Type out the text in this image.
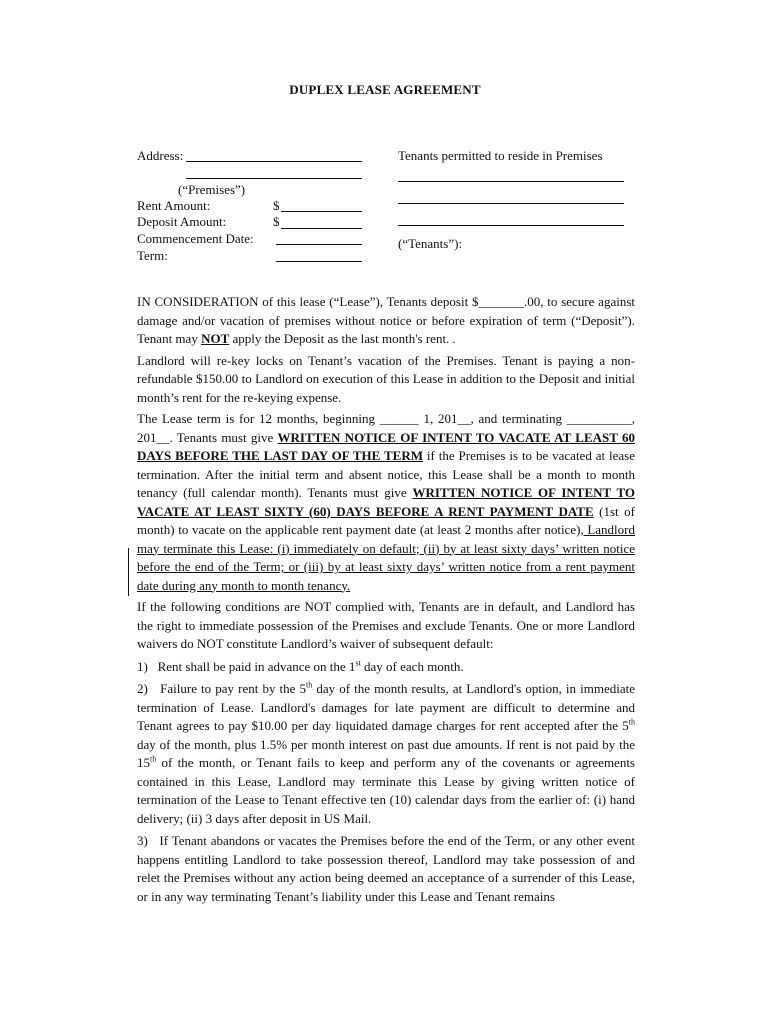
DUPLEX LEASE AGREEMENT
Address:
(“Premises”)
Rent Amount:	$
Deposit Amount:	$
Commencement Date:
Term:
Tenants permitted to reside in Premises
(“Tenants”):

IN CONSIDERATION of this lease (“Lease”), Tenants deposit $_______.00, to secure against damage and/or vacation of premises without notice or before expiration of term (“Deposit”). Tenant may NOT apply the Deposit as the last month's rent. .

Landlord will re-key locks on Tenant’s vacation of the Premises. Tenant is paying a non-refundable $150.00 to Landlord on execution of this Lease in addition to the Deposit and initial month’s rent for the re-keying expense.

The Lease term is for 12 months, beginning ______ 1, 201__, and terminating __________, 201__. Tenants must give WRITTEN NOTICE OF INTENT TO VACATE AT LEAST 60 DAYS BEFORE THE LAST DAY OF THE TERM if the Premises is to be vacated at lease termination. After the initial term and absent notice, this Lease shall be a month to month tenancy (full calendar month). Tenants must give WRITTEN NOTICE OF INTENT TO VACATE AT LEAST SIXTY (60) DAYS BEFORE A RENT PAYMENT DATE (1st of month) to vacate on the applicable rent payment date (at least 2 months after notice), Landlord may terminate this Lease: (i) immediately on default; (ii) by at least sixty days’ written notice before the end of the Term; or (iii) by at least sixty days’ written notice from a rent payment date during any month to month tenancy.

If the following conditions are NOT complied with, Tenants are in default, and Landlord has the right to immediate possession of the Premises and exclude Tenants. One or more Landlord waivers do NOT constitute Landlord’s waiver of subsequent default:

1) Rent shall be paid in advance on the 1st day of each month.

2) Failure to pay rent by the 5th day of the month results, at Landlord's option, in immediate termination of Lease. Landlord's damages for late payment are difficult to determine and Tenant agrees to pay $10.00 per day liquidated damage charges for rent accepted after the 5th day of the month, plus 1.5% per month interest on past due amounts. If rent is not paid by the 15th of the month, or Tenant fails to keep and perform any of the covenants or agreements contained in this Lease, Landlord may terminate this Lease by giving written notice of termination of the Lease to Tenant effective ten (10) calendar days from the earlier of: (i) hand delivery; (ii) 3 days after deposit in US Mail.

3) If Tenant abandons or vacates the Premises before the end of the Term, or any other event happens entitling Landlord to take possession thereof, Landlord may take possession of and relet the Premises without any action being deemed an acceptance of a surrender of this Lease, or in any way terminating Tenant’s liability under this Lease and Tenant remains
